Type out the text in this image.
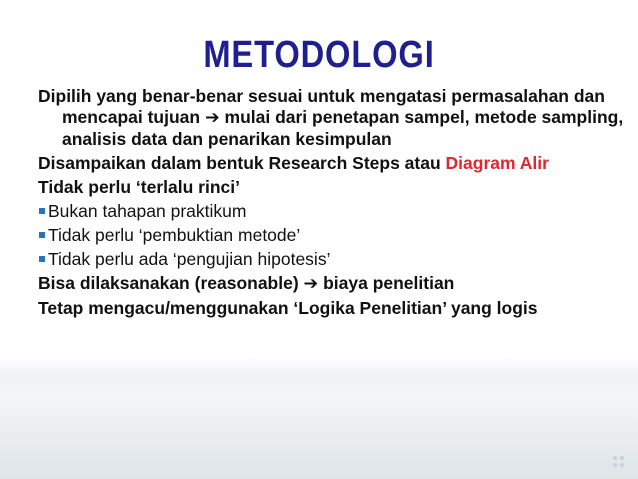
METODOLOGI
Dipilih yang benar-benar sesuai untuk mengatasi permasalahan dan mencapai tujuan ➔ mulai dari penetapan sampel, metode sampling, analisis data dan penarikan kesimpulan
Disampaikan dalam bentuk Research Steps atau Diagram Alir
Tidak perlu ‘terlalu rinci’
Bukan tahapan praktikum
Tidak perlu ‘pembuktian metode’
Tidak perlu ada ‘pengujian hipotesis’
Bisa dilaksanakan (reasonable) ➔ biaya penelitian
Tetap mengacu/menggunakan ‘Logika Penelitian’ yang logis
